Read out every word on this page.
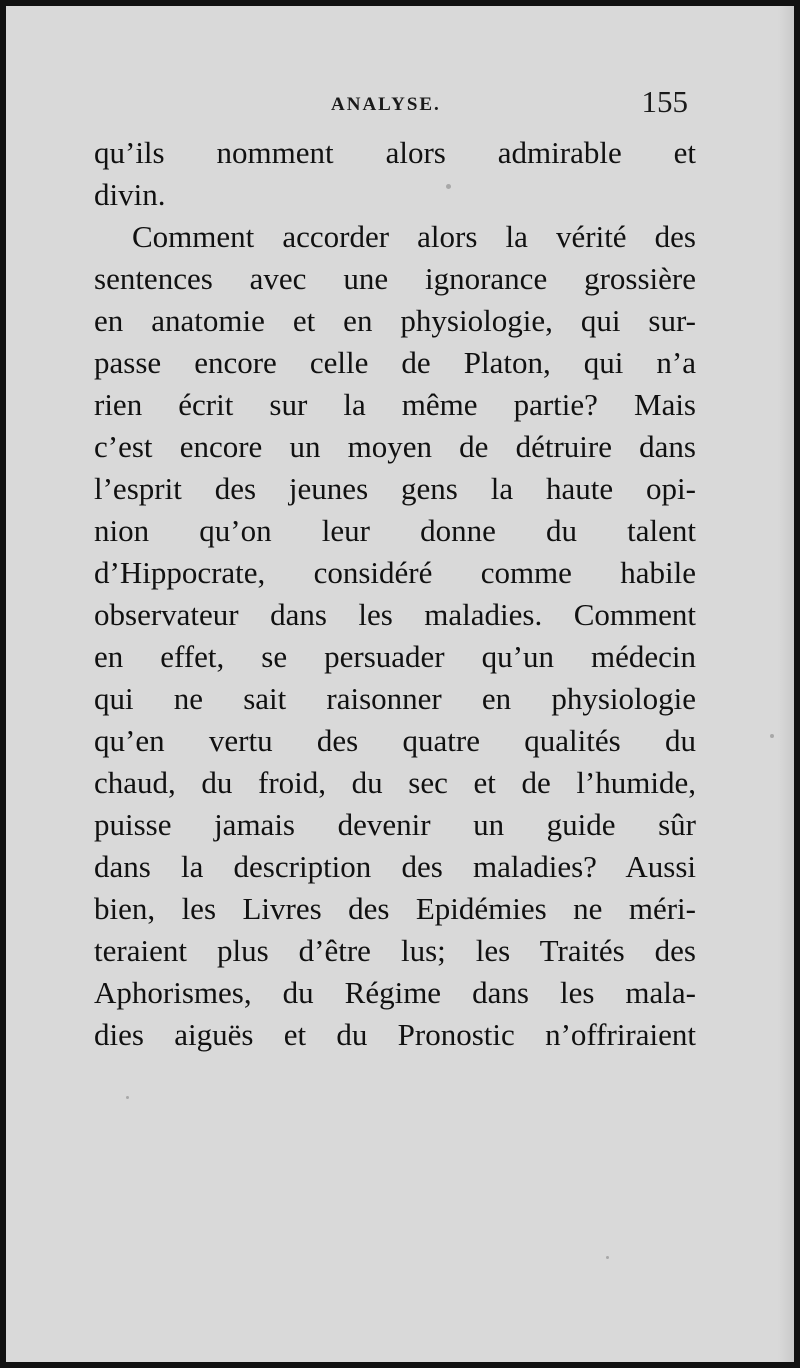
ANALYSE.	155
qu’ils nomment alors admirable et
divin.
Comment accorder alors la vérité des
sentences avec une ignorance grossière
en anatomie et en physiologie, qui sur-
passe encore celle de Platon, qui n’a
rien écrit sur la même partie? Mais
c’est encore un moyen de détruire dans
l’esprit des jeunes gens la haute opi-
nion qu’on leur donne du talent
d’Hippocrate, considéré comme habile
observateur dans les maladies. Comment
en effet, se persuader qu’un médecin
qui ne sait raisonner en physiologie
qu’en vertu des quatre qualités du
chaud, du froid, du sec et de l’humide,
puisse jamais devenir un guide sûr
dans la description des maladies? Aussi
bien, les Livres des Epidémies ne méri-
teraient plus d’être lus; les Traités des
Aphorismes, du Régime dans les mala-
dies aiguës et du Pronostic n’offriraient
